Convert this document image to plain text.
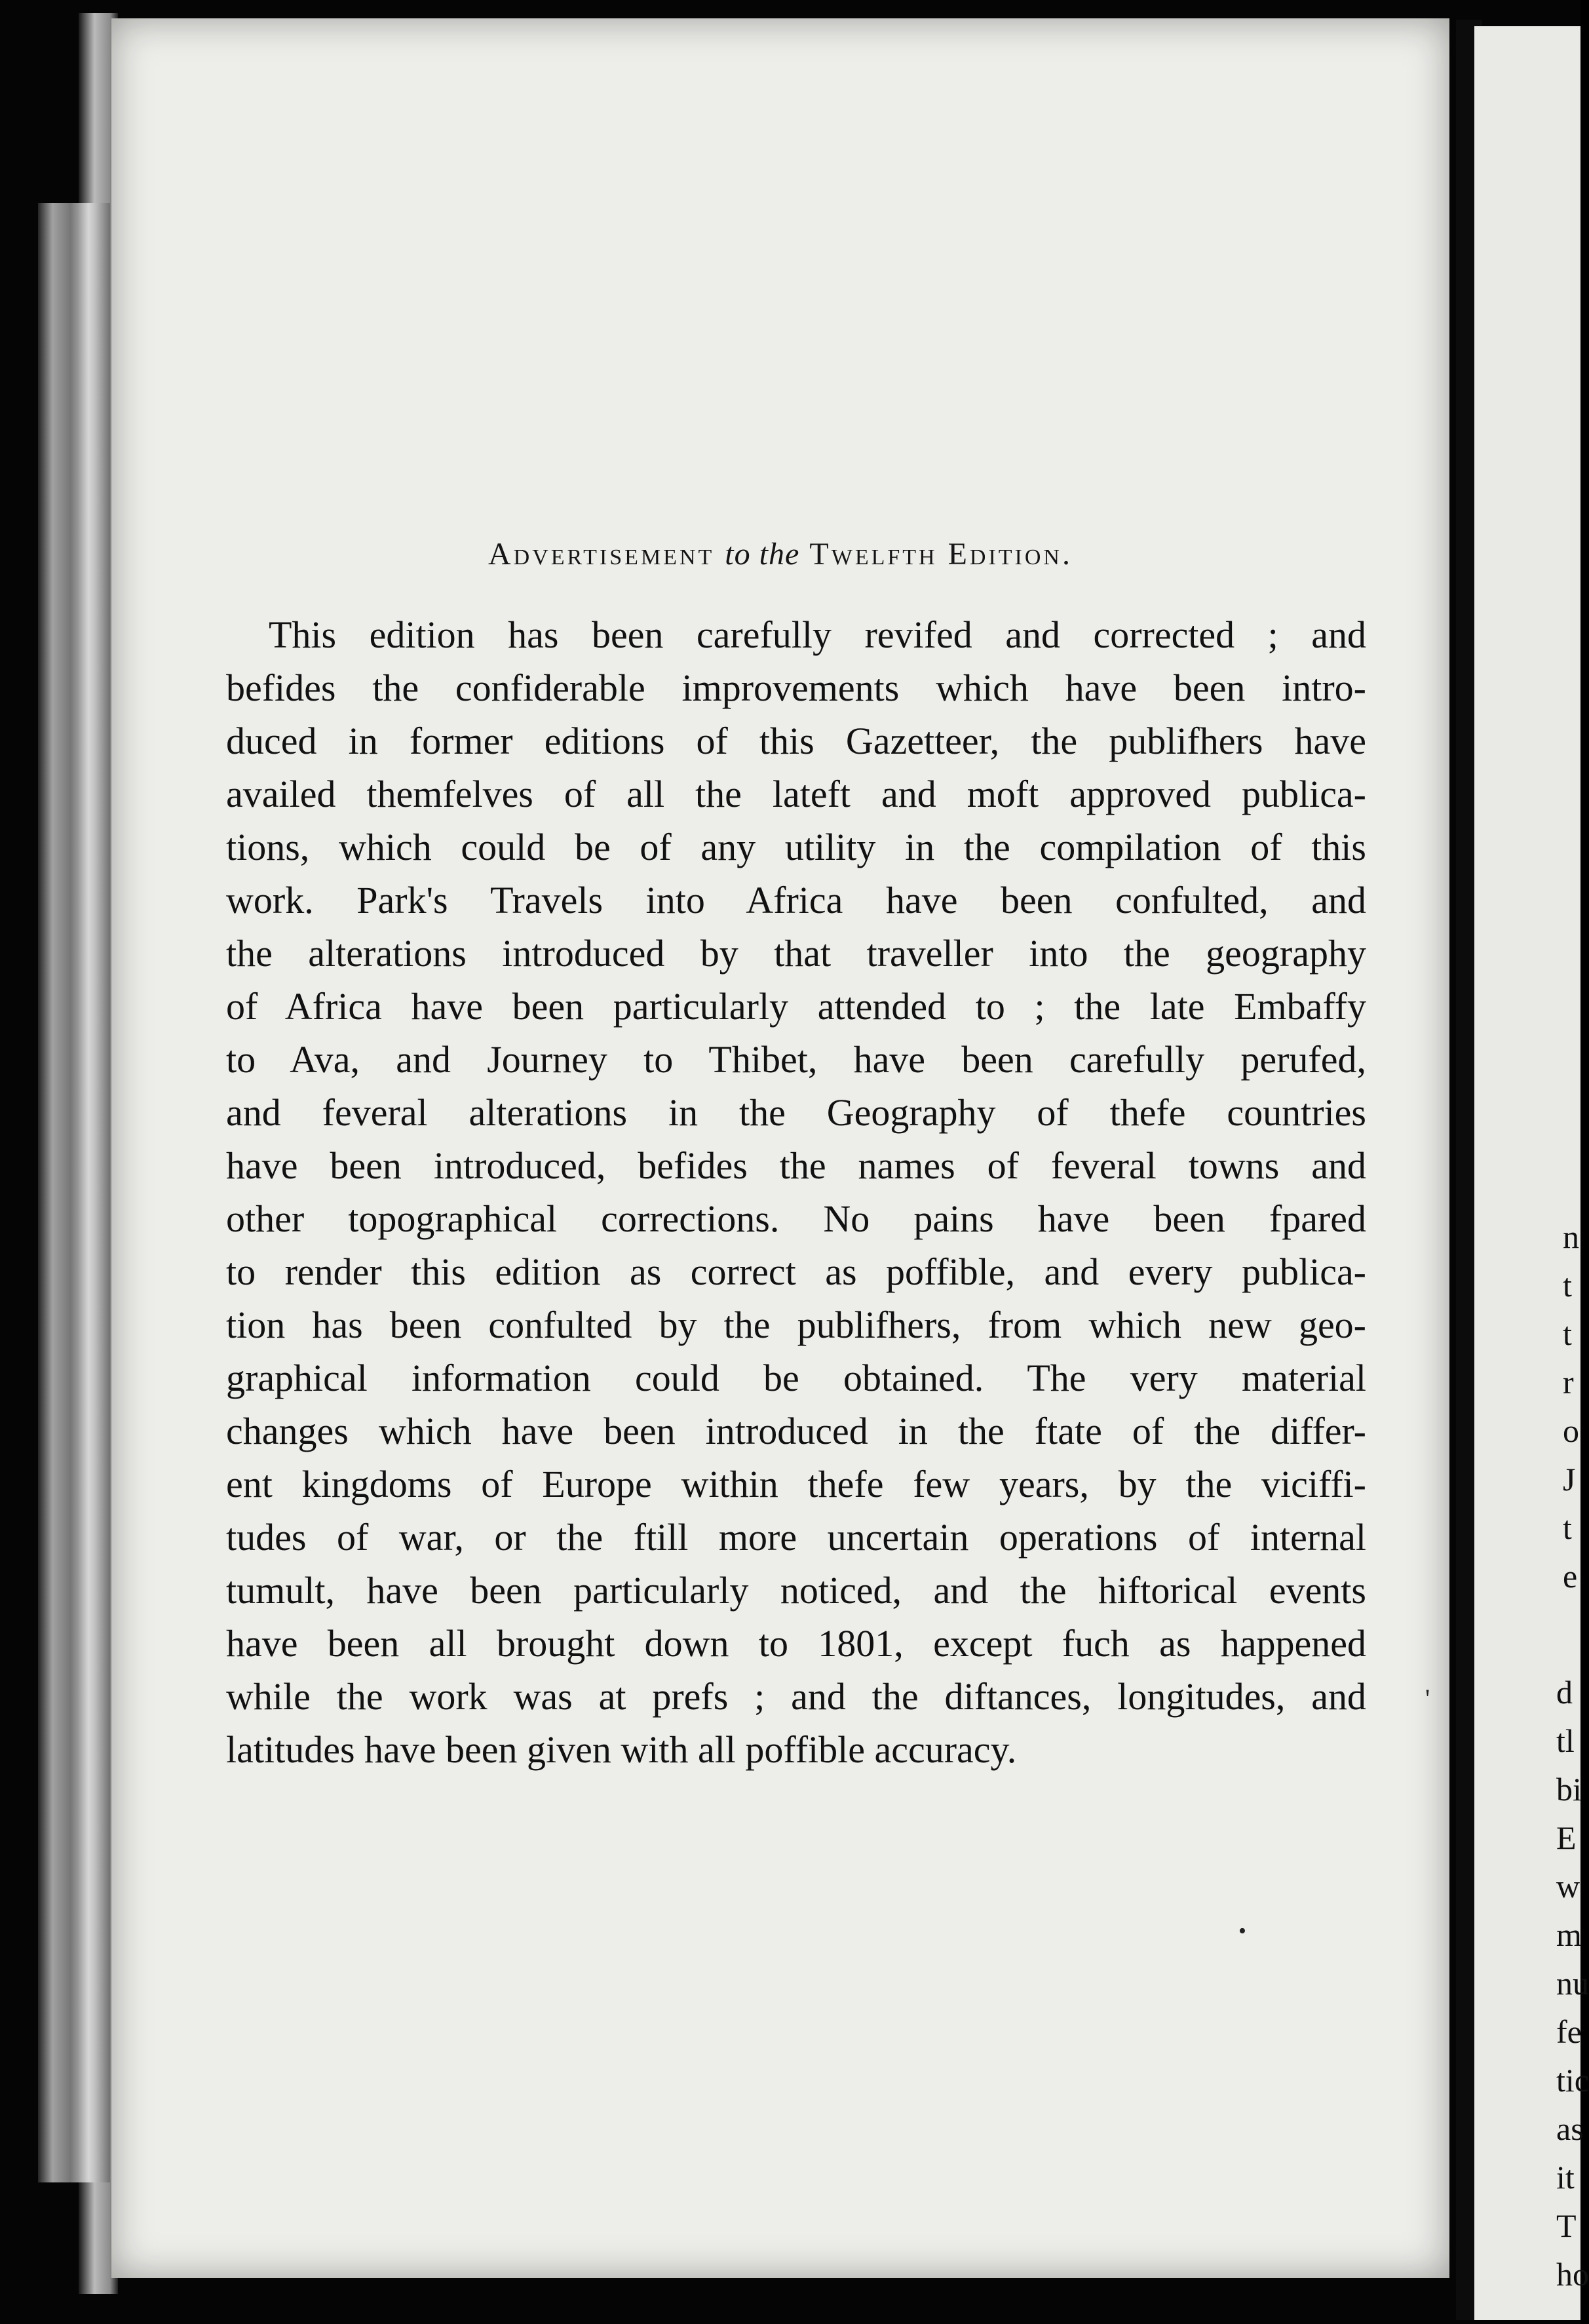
n
t
t
r
o
J
t
e
d
tl
bi
E
w
m
nu
fe
tic
as
it
T
ho
Advertisement to the Twelfth Edition.
This edition has been carefully revifed and corrected ; and
befides the confiderable improvements which have been intro-
duced in former editions of this Gazetteer, the publifhers have
availed themfelves of all the lateft and moft approved publica-
tions, which could be of any utility in the compilation of this
work. Park's Travels into Africa have been confulted, and
the alterations introduced by that traveller into the geography
of Africa have been particularly attended to ; the late Embaffy
to Ava, and Journey to Thibet, have been carefully perufed,
and feveral alterations in the Geography of thefe countries
have been introduced, befides the names of feveral towns and
other topographical corrections. No pains have been fpared
to render this edition as correct as poffible, and every publica-
tion has been confulted by the publifhers, from which new geo-
graphical information could be obtained. The very material
changes which have been introduced in the ftate of the differ-
ent kingdoms of Europe within thefe few years, by the viciffi-
tudes of war, or the ftill more uncertain operations of internal
tumult, have been particularly noticed, and the hiftorical events
have been all brought down to 1801, except fuch as happened
while the work was at prefs ; and the diftances, longitudes, and
latitudes have been given with all poffible accuracy.
'
•
